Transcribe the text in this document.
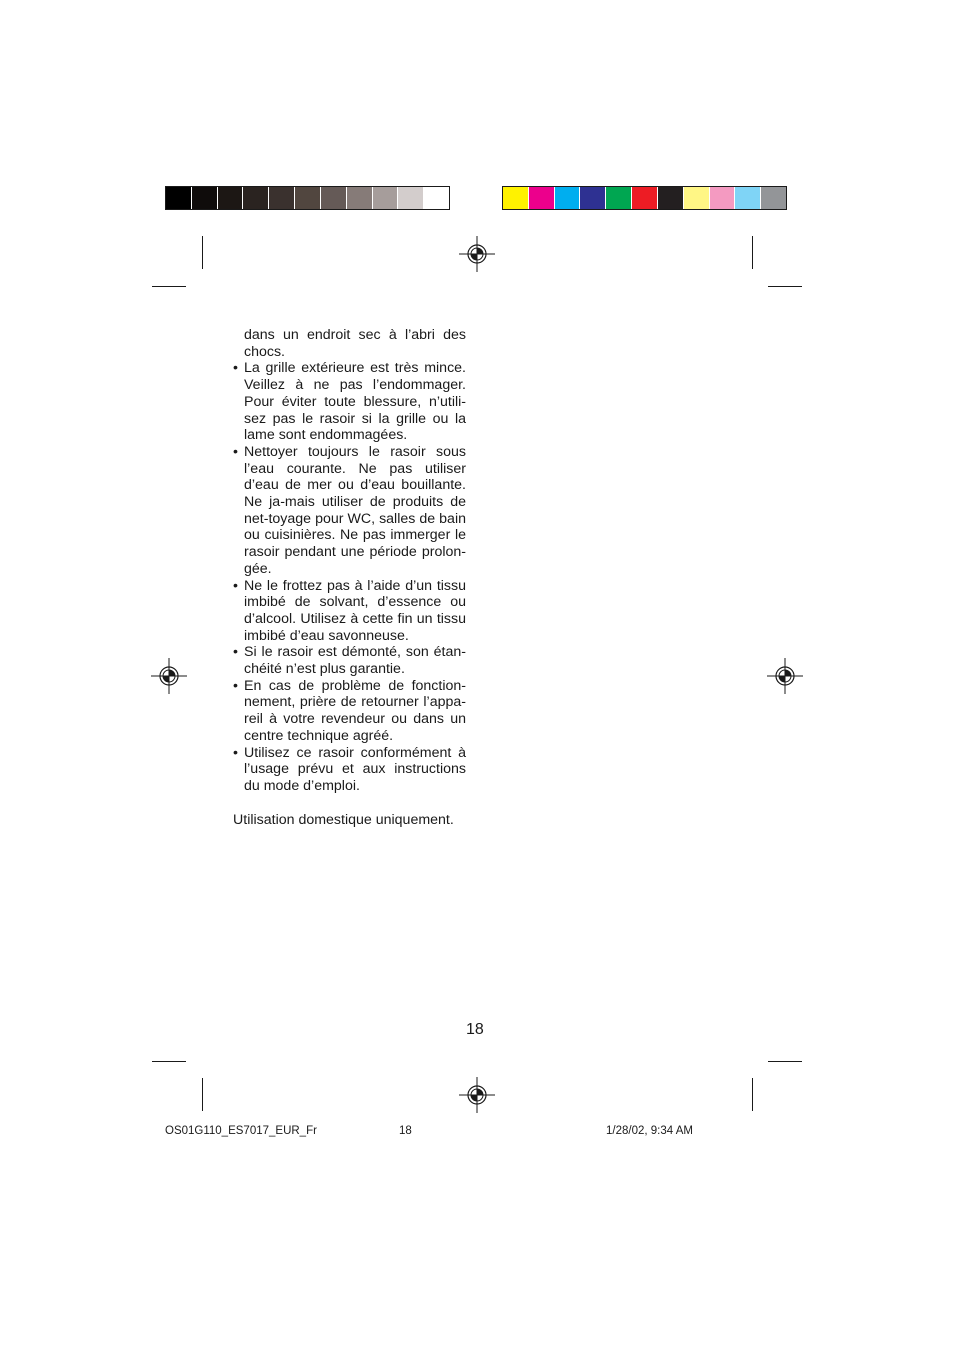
dans un endroit sec à l’abri des chocs.

• La grille extérieure est très mince. Veillez à ne pas l’endommager. Pour éviter toute blessure, n’utili-sez pas le rasoir si la grille ou la lame sont endommagées.
• Nettoyer toujours le rasoir sous l’eau courante. Ne pas utiliser d’eau de mer ou d’eau bouillante. Ne ja-mais utiliser de produits de net-toyage pour WC, salles de bain ou cuisinières. Ne pas immerger le rasoir pendant une période prolon-gée.
• Ne le frottez pas à l’aide d’un tissu imbibé de solvant, d’essence ou d’alcool. Utilisez à cette fin un tissu imbibé d’eau savonneuse.
• Si le rasoir est démonté, son étan-chéité n’est plus garantie.
• En cas de problème de fonction-nement, prière de retourner l’appa-reil à votre revendeur ou dans un centre technique agréé.
• Utilisez ce rasoir conformément à l’usage prévu et aux instructions du mode d’emploi.

Utilisation domestique uniquement.

18
OS01G110_ES7017_EUR_Fr	18	1/28/02, 9:34 AM
